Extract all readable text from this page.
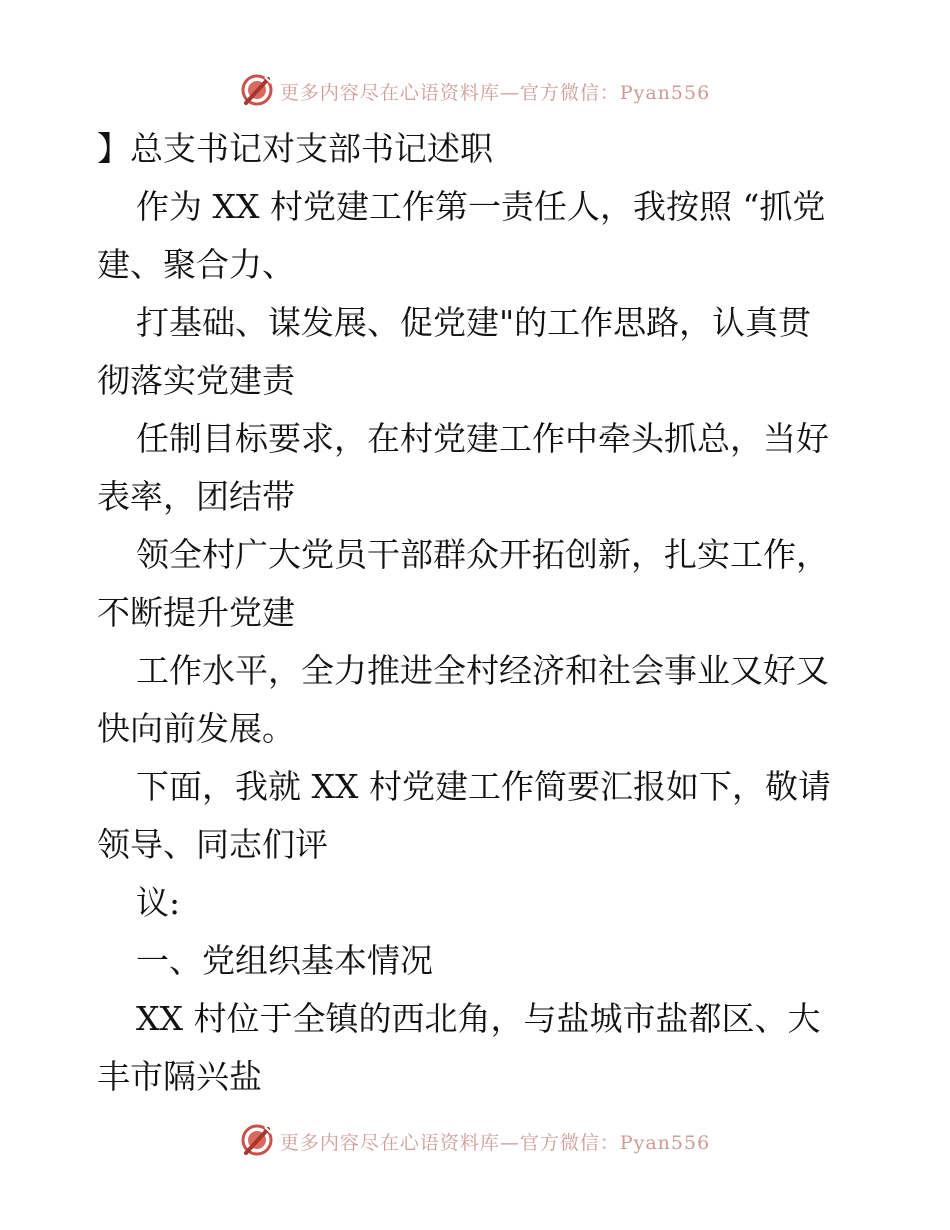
更多内容尽在心语资料库—官方微信：Pyan556
】总支书记对支部书记述职
作为 XX 村党建工作第一责任人，我按照 “抓党
建、聚合力、
打基础、谋发展、促党建"的工作思路，认真贯
彻落实党建责
任制目标要求，在村党建工作中牵头抓总，当好
表率，团结带
领全村广大党员干部群众开拓创新，扎实工作，
不断提升党建
工作水平，全力推进全村经济和社会事业又好又
快向前发展。
下面，我就 XX 村党建工作简要汇报如下，敬请
领导、同志们评
议:
一、党组织基本情况
XX 村位于全镇的西北角，与盐城市盐都区、大
丰市隔兴盐
更多内容尽在心语资料库—官方微信：Pyan556
